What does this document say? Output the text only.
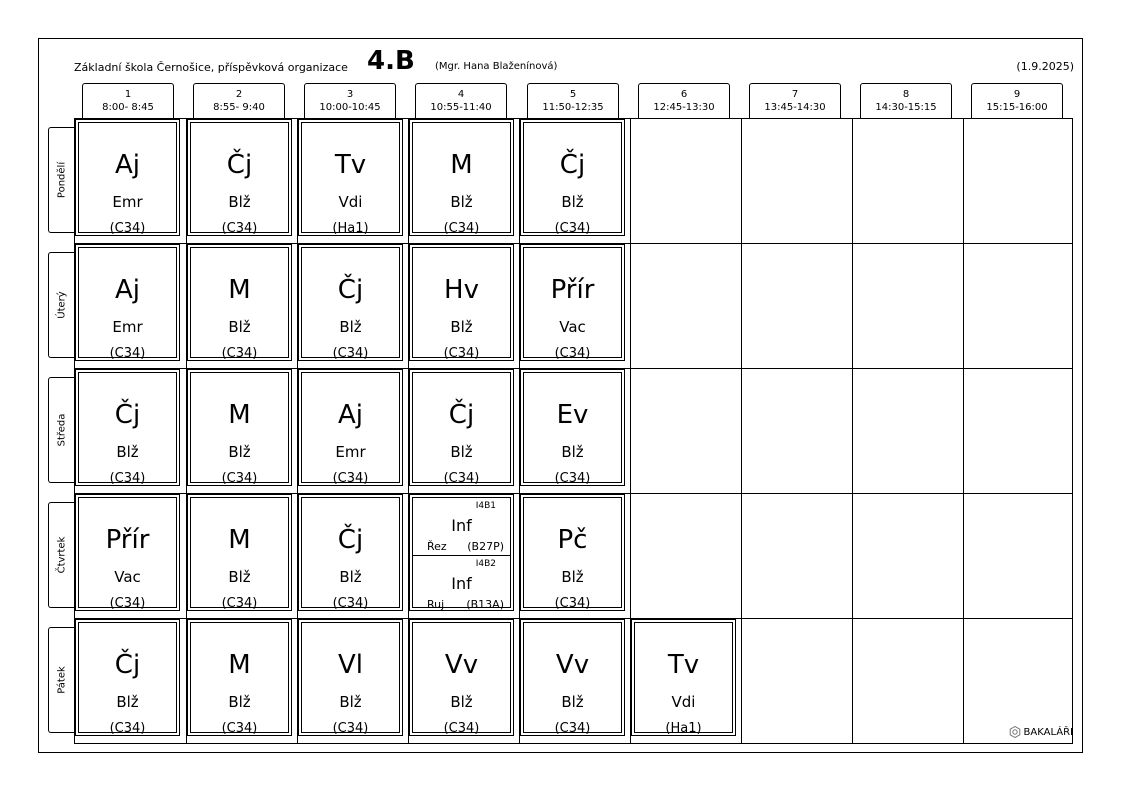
Základní škola Černošice, příspěvková organizace 4.B (Mgr. Hana Blaženínová)	(1.9.2025)
1
8:00- 8:45
2
8:55- 9:40
3
10:00-10:45
4
10:55-11:40
5
11:50-12:35
6
12:45-13:30
7
13:45-14:30
8
14:30-15:15
9
15:15-16:00
Pondělí
Úterý
Středa
Čtvrtek
Pátek
Aj
Emr
(C34)
Čj
Blž
(C34)
Tv
Vdi
(Ha1)
M
Blž
(C34)
Čj
Blž
(C34)
Aj
Emr
(C34)
M
Blž
(C34)
Čj
Blž
(C34)
Hv
Blž
(C34)
Přír
Vac
(C34)
Čj
Blž
(C34)
M
Blž
(C34)
Aj
Emr
(C34)
Čj
Blž
(C34)
Ev
Blž
(C34)
Přír
Vac
(C34)
M
Blž
(C34)
Čj
Blž
(C34)
I4B1
Inf
Řez (B27P)
I4B2
Inf
Ruj (B13A)
Pč
Blž
(C34)
Čj
Blž
(C34)
M
Blž
(C34)
Vl
Blž
(C34)
Vv
Blž
(C34)
Vv
Blž
(C34)
Tv
Vdi
(Ha1)	BAKALÁŘI
